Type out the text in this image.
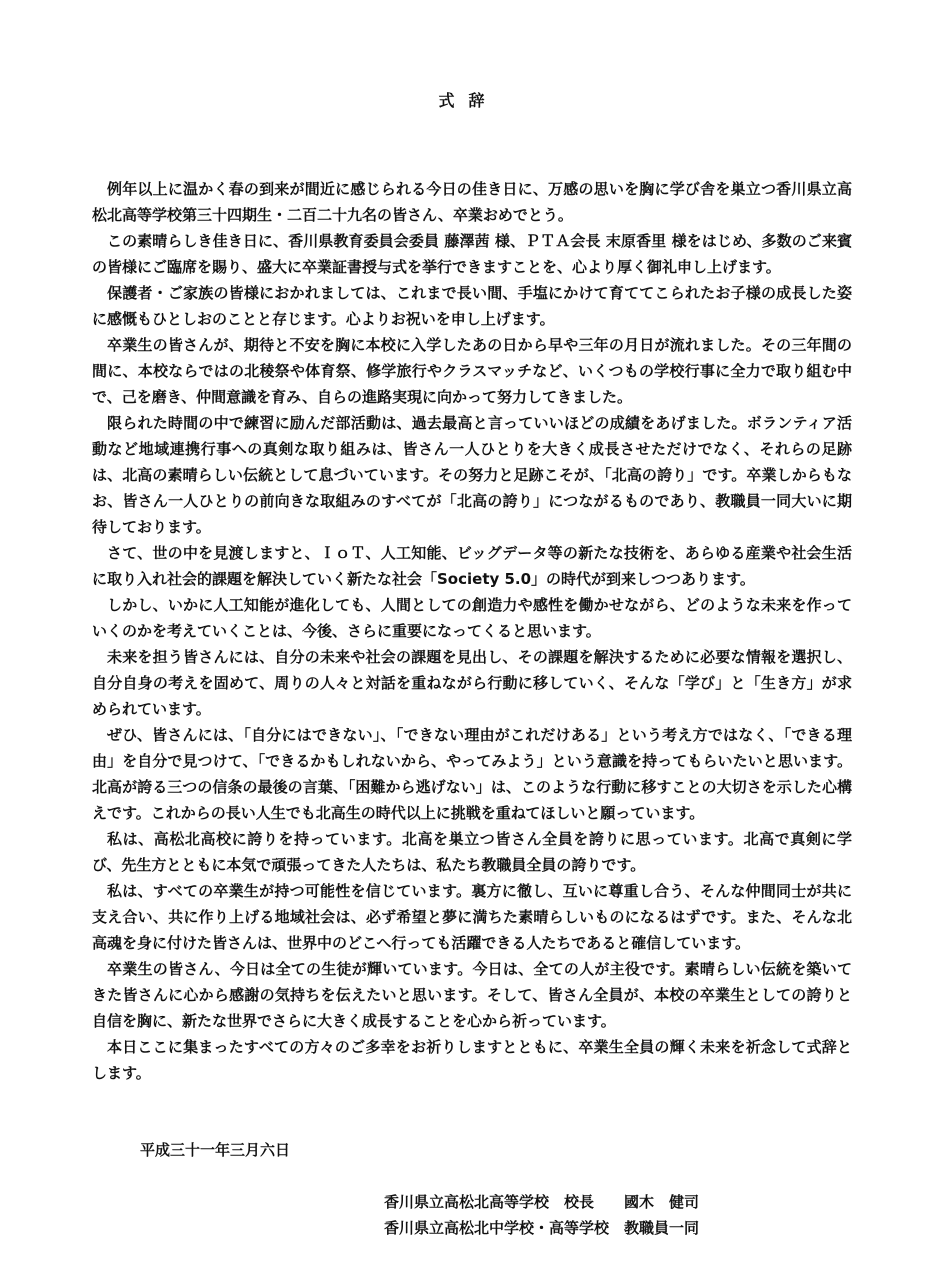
式辞

例年以上に温かく春の到来が間近に感じられる今日の佳き日に、万感の思いを胸に学び舎を巣立つ香川県立高松北高等学校第三十四期生・二百二十九名の皆さん、卒業おめでとう。

この素晴らしき佳き日に、香川県教育委員会委員 藤澤茜 様、ＰＴＡ会長 末原香里 様をはじめ、多数のご来賓の皆様にご臨席を賜り、盛大に卒業証書授与式を挙行できますことを、心より厚く御礼申し上げます。

保護者・ご家族の皆様におかれましては、これまで長い間、手塩にかけて育ててこられたお子様の成長した姿に感慨もひとしおのことと存じます。心よりお祝いを申し上げます。

卒業生の皆さんが、期待と不安を胸に本校に入学したあの日から早や三年の月日が流れました。その三年間の間に、本校ならではの北稜祭や体育祭、修学旅行やクラスマッチなど、いくつもの学校行事に全力で取り組む中で、己を磨き、仲間意識を育み、自らの進路実現に向かって努力してきました。

限られた時間の中で練習に励んだ部活動は、過去最高と言っていいほどの成績をあげました。ボランティア活動など地域連携行事への真剣な取り組みは、皆さん一人ひとりを大きく成長させただけでなく、それらの足跡は、北高の素晴らしい伝統として息づいています。その努力と足跡こそが、「北高の誇り」です。卒業しからもなお、皆さん一人ひとりの前向きな取組みのすべてが「北高の誇り」につながるものであり、教職員一同大いに期待しております。

さて、世の中を見渡しますと、ＩｏＴ、人工知能、ビッグデータ等の新たな技術を、あらゆる産業や社会生活に取り入れ社会的課題を解決していく新たな社会「Society 5.0」の時代が到来しつつあります。

しかし、いかに人工知能が進化しても、人間としての創造力や感性を働かせながら、どのような未来を作っていくのかを考えていくことは、今後、さらに重要になってくると思います。

未来を担う皆さんには、自分の未来や社会の課題を見出し、その課題を解決するために必要な情報を選択し、自分自身の考えを固めて、周りの人々と対話を重ねながら行動に移していく、そんな「学び」と「生き方」が求められています。

ぜひ、皆さんには、「自分にはできない」、「できない理由がこれだけある」という考え方ではなく、「できる理由」を自分で見つけて、「できるかもしれないから、やってみよう」という意識を持ってもらいたいと思います。北高が誇る三つの信条の最後の言葉、「困難から逃げない」は、このような行動に移すことの大切さを示した心構えです。これからの長い人生でも北高生の時代以上に挑戦を重ねてほしいと願っています。

私は、高松北高校に誇りを持っています。北高を巣立つ皆さん全員を誇りに思っています。北高で真剣に学び、先生方とともに本気で頑張ってきた人たちは、私たち教職員全員の誇りです。

私は、すべての卒業生が持つ可能性を信じています。裏方に徹し、互いに尊重し合う、そんな仲間同士が共に支え合い、共に作り上げる地域社会は、必ず希望と夢に満ちた素晴らしいものになるはずです。また、そんな北高魂を身に付けた皆さんは、世界中のどこへ行っても活躍できる人たちであると確信しています。

卒業生の皆さん、今日は全ての生徒が輝いています。今日は、全ての人が主役です。素晴らしい伝統を築いてきた皆さんに心から感謝の気持ちを伝えたいと思います。そして、皆さん全員が、本校の卒業生としての誇りと自信を胸に、新たな世界でさらに大きく成長することを心から祈っています。

本日ここに集まったすべての方々のご多幸をお祈りしますとともに、卒業生全員の輝く未来を祈念して式辞とします。

平成三十一年三月六日
香川県立高松北高等学校　校長　　國木　健司
香川県立高松北中学校・高等学校　教職員一同
